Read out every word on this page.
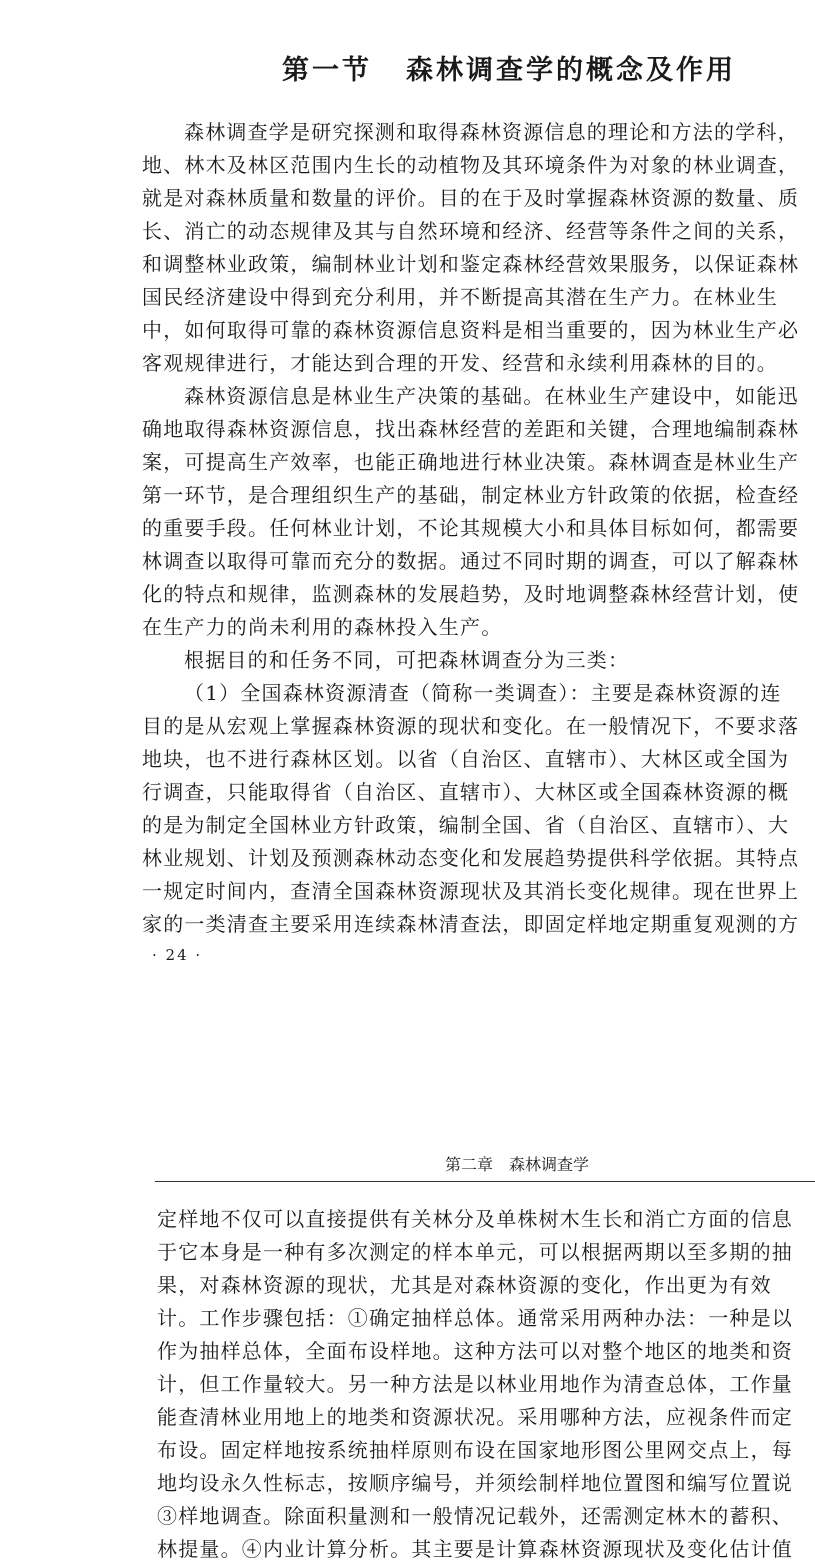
第一节 森林调查学的概念及作用
森林调查学是研究探测和取得森林资源信息的理论和方法的学科，
地、林木及林区范围内生长的动植物及其环境条件为对象的林业调查，
就是对森林质量和数量的评价。目的在于及时掌握森林资源的数量、质
长、消亡的动态规律及其与自然环境和经济、经营等条件之间的关系，
和调整林业政策，编制林业计划和鉴定森林经营效果服务，以保证森林
国民经济建设中得到充分利用，并不断提高其潜在生产力。在林业生
中，如何取得可靠的森林资源信息资料是相当重要的，因为林业生产必
客观规律进行，才能达到合理的开发、经营和永续利用森林的目的。
森林资源信息是林业生产决策的基础。在林业生产建设中，如能迅
确地取得森林资源信息，找出森林经营的差距和关键，合理地编制森林
案，可提高生产效率，也能正确地进行林业决策。森林调查是林业生产
第一环节，是合理组织生产的基础，制定林业方针政策的依据，检查经
的重要手段。任何林业计划，不论其规模大小和具体目标如何，都需要
林调查以取得可靠而充分的数据。通过不同时期的调查，可以了解森林
化的特点和规律，监测森林的发展趋势，及时地调整森林经营计划，使
在生产力的尚未利用的森林投入生产。
根据目的和任务不同，可把森林调查分为三类：
（1）全国森林资源清查（简称一类调查）：主要是森林资源的连
目的是从宏观上掌握森林资源的现状和变化。在一般情况下，不要求落
地块，也不进行森林区划。以省（自治区、直辖市）、大林区或全国为
行调查，只能取得省（自治区、直辖市）、大林区或全国森林资源的概
的是为制定全国林业方针政策，编制全国、省（自治区、直辖市）、大
林业规划、计划及预测森林动态变化和发展趋势提供科学依据。其特点
一规定时间内，查清全国森林资源现状及其消长变化规律。现在世界上
家的一类清查主要采用连续森林清查法，即固定样地定期重复观测的方
· 24 ·
第二章 森林调查学
定样地不仅可以直接提供有关林分及单株树木生长和消亡方面的信息
于它本身是一种有多次测定的样本单元，可以根据两期以至多期的抽
果，对森林资源的现状，尤其是对森林资源的变化，作出更为有效
计。工作步骤包括：①确定抽样总体。通常采用两种办法：一种是以
作为抽样总体，全面布设样地。这种方法可以对整个地区的地类和资
计，但工作量较大。另一种方法是以林业用地作为清查总体，工作量
能查清林业用地上的地类和资源状况。采用哪种方法，应视条件而定
布设。固定样地按系统抽样原则布设在国家地形图公里网交点上，每
地均设永久性标志，按顺序编号，并须绘制样地位置图和编写位置说
③样地调查。除面积量测和一般情况记载外，还需测定林木的蓄积、
林提量。④内业计算分析。其主要是计算森林资源现状及变化估计值
